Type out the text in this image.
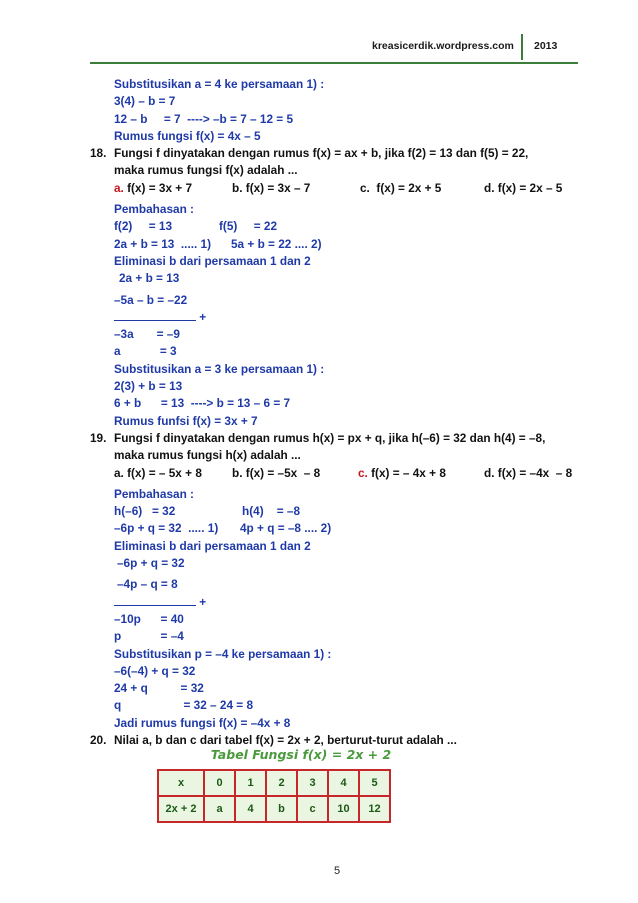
kreasicerdik.wordpress.com 2013
Substitusikan a = 4 ke persamaan 1) :
3(4) – b = 7
12 – b     = 7  ----> –b = 7 – 12 = 5
Rumus fungsi f(x) = 4x – 5
18. Fungsi f dinyatakan dengan rumus f(x) = ax + b, jika f(2) = 13 dan f(5) = 22,
maka rumus fungsi f(x) adalah ...
a. f(x) = 3x + 7	b. f(x) = 3x – 7	c.  f(x) = 2x + 5	d. f(x) = 2x – 5
Pembahasan :
f(2)     = 13	f(5)     = 22
2a + b = 13  ..... 1)	5a + b = 22 .... 2)
Eliminasi b dari persamaan 1 dan 2
2a + b = 13
–5a – b = –22
+
–3a       = –9
a            = 3
Substitusikan a = 3 ke persamaan 1) :
2(3) + b = 13
6 + b      = 13  ----> b = 13 – 6 = 7
Rumus funfsi f(x) = 3x + 7
19. Fungsi f dinyatakan dengan rumus h(x) = px + q, jika h(–6) = 32 dan h(4) = –8,
maka rumus fungsi h(x) adalah ...
a. f(x) = – 5x + 8	b. f(x) = –5x  – 8	c. f(x) = – 4x + 8	d. f(x) = –4x  – 8
Pembahasan :
h(–6)   = 32	h(4)    = –8
–6p + q = 32  ..... 1)	4p + q = –8 .... 2)
Eliminasi b dari persamaan 1 dan 2
–6p + q = 32
–4p – q = 8
+
–10p      = 40
p            = –4
Substitusikan p = –4 ke persamaan 1) :
–6(–4) + q = 32
24 + q          = 32
q                   = 32 – 24 = 8
Jadi rumus fungsi f(x) = –4x + 8
20. Nilai a, b dan c dari tabel f(x) = 2x + 2, berturut-turut adalah ...
Tabel Fungsi f(x) = 2x + 2
x	0	1	2	3	4	5
2x + 2	a	4	b	c	10	12
5
